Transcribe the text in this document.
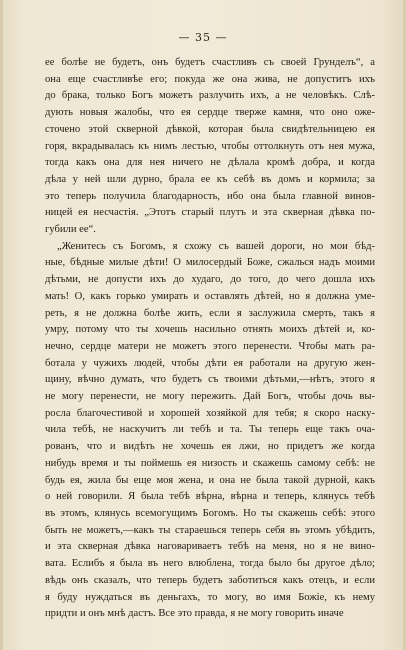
— 35 —
ее болѣе не будетъ, онъ будетъ счастливъ съ своей Грунделъ“, а
она еще счастливѣе его; покуда же она жива, не допуститъ ихъ
до брака, только Богъ можетъ разлучить ихъ, а не человѣкъ. Слѣ-
дують новыя жалобы, что ея сердце тверже камня, что оно оже-
сточено этой скверной дѣвкой, которая была свидѣтельницею ея
горя, вкрадывалась къ нимъ лестью, чтобы оттолкнуть отъ нея мужа,
тогда какъ она для нея ничего не дѣлала кромѣ добра, и когда
дѣла у ней шли дурно, брала ее къ себѣ въ домъ и кормила; за
это теперь получила благодарность, ибо она была главной винов-
ницей ея несчастія. „Этотъ старый плутъ и эта скверная дѣвка по-
губили ее“.
„Женитесь съ Богомъ, я схожу съ вашей дороги, но мои бѣд-
ные, бѣдные милые дѣти! О милосердый Боже, сжалься надъ моими
дѣтьми, не допусти ихъ до худаго, до того, до чего дошла ихъ
мать! О, какъ горько умирать и оставлять дѣтей, но я должна уме-
реть, я не должна болѣе жить, если я заслужила смерть, такъ я
умру, потому что ты хочешь насильно отнять моихъ дѣтей и, ко-
нечно, сердце матери не можетъ этого перенести. Чтобы мать ра-
ботала у чужихъ людей, чтобы дѣти ея работали на другую жен-
щину, вѣчно думать, что будетъ съ твоими дѣтьми,—нѣтъ, этого я
не могу перенести, не могу пережить. Дай Богъ, чтобы дочь вы-
росла благочестивой и хорошей хозяйкой для тебя; я скоро наску-
чила тебѣ, не наскучитъ ли тебѣ и та. Ты теперь еще такъ оча-
рованъ, что и видѣть не хочешь ея лжи, но придетъ же когда
нибудь время и ты поймешь ея низость и скажешь самому себѣ: не
будь ея, жила бы еще моя жена, и она не была такой дурной, какъ
о ней говорили. Я была тебѣ вѣрна, вѣрна и теперь, клянусь тебѣ
въ этомъ, клянусь всемогущимъ Богомъ. Но ты скажешь себѣ: этого
быть не можетъ,—какъ ты стараешься теперь себя въ этомъ убѣдить,
и эта скверная дѣвка наговариваетъ тебѣ на меня, но я не вино-
вата. Еслибъ я была въ него влюблена, тогда было бы другое дѣло;
вѣдь онъ сказалъ, что теперь будетъ заботиться какъ отецъ, и если
я буду нуждаться въ деньгахъ, то могу, во имя Божіе, къ нему
придти и онъ мнѣ дастъ. Все это правда, я не могу говорить иначе
